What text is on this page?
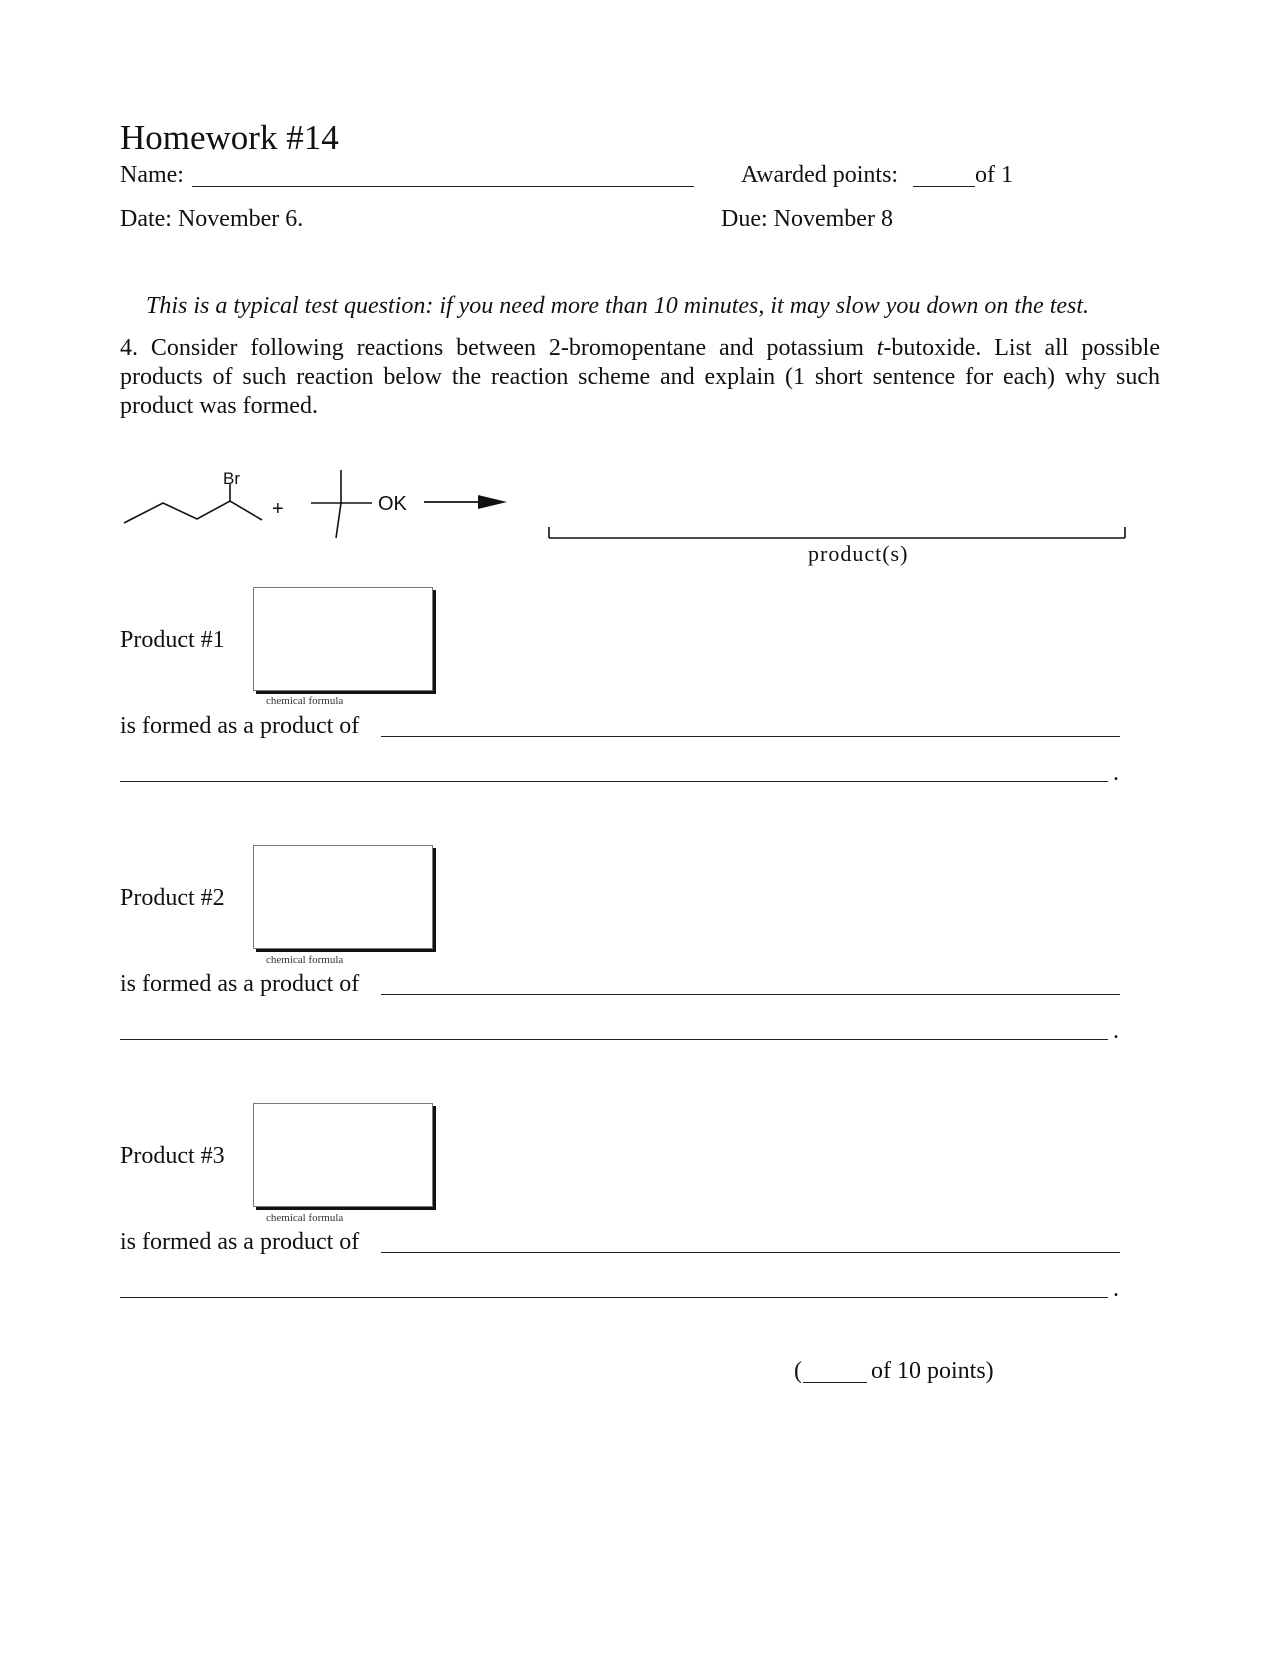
Homework #14
Name:	Awarded points:	of 1
Date: November 6.	Due: November 8
This is a typical test question: if you need more than 10 minutes, it may slow you down on the test.
4. Consider following reactions between 2-bromopentane and potassium t-butoxide. List all possible products of such reaction below the reaction scheme and explain (1 short sentence for each) why such product was formed.
Br
+	OK
product(s)
Product #1
chemical formula
is formed as a product of
.
Product #2
chemical formula
is formed as a product of
.
Product #3
chemical formula
is formed as a product of
.
(	of 10 points)
